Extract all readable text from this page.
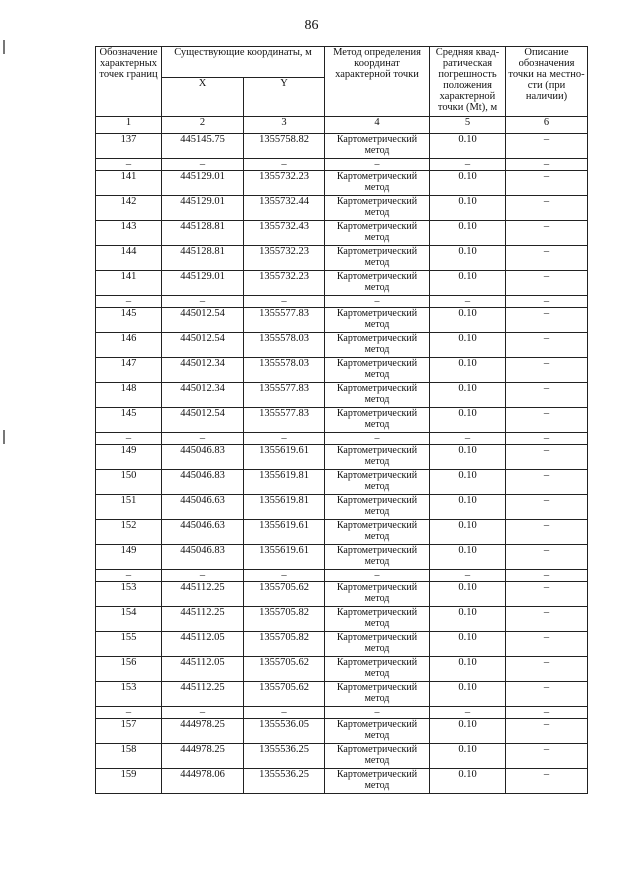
86
Обозначение характерных точек границ	Существующие координаты, м		Метод определения координат характерной точки	Средняя квад-ратическая погрешность положения характерной точки (Mt), м	Описание обозначения точки на местно-сти (при наличии)
	X	Y			
1	2	3	4	5	6
137	445145.75	1355758.82	Картометрический метод	0.10	–
–	–	–	–	–	–
141	445129.01	1355732.23	Картометрический метод	0.10	–
142	445129.01	1355732.44	Картометрический метод	0.10	–
143	445128.81	1355732.43	Картометрический метод	0.10	–
144	445128.81	1355732.23	Картометрический метод	0.10	–
141	445129.01	1355732.23	Картометрический метод	0.10	–
–	–	–	–	–	–
145	445012.54	1355577.83	Картометрический метод	0.10	–
146	445012.54	1355578.03	Картометрический метод	0.10	–
147	445012.34	1355578.03	Картометрический метод	0.10	–
148	445012.34	1355577.83	Картометрический метод	0.10	–
145	445012.54	1355577.83	Картометрический метод	0.10	–
–	–	–	–	–	–
149	445046.83	1355619.61	Картометрический метод	0.10	–
150	445046.83	1355619.81	Картометрический метод	0.10	–
151	445046.63	1355619.81	Картометрический метод	0.10	–
152	445046.63	1355619.61	Картометрический метод	0.10	–
149	445046.83	1355619.61	Картометрический метод	0.10	–
–	–	–	–	–	–
153	445112.25	1355705.62	Картометрический метод	0.10	–
154	445112.25	1355705.82	Картометрический метод	0.10	–
155	445112.05	1355705.82	Картометрический метод	0.10	–
156	445112.05	1355705.62	Картометрический метод	0.10	–
153	445112.25	1355705.62	Картометрический метод	0.10	–
–	–	–	–	–	–
157	444978.25	1355536.05	Картометрический метод	0.10	–
158	444978.25	1355536.25	Картометрический метод	0.10	–
159	444978.06	1355536.25	Картометрический метод	0.10	–
